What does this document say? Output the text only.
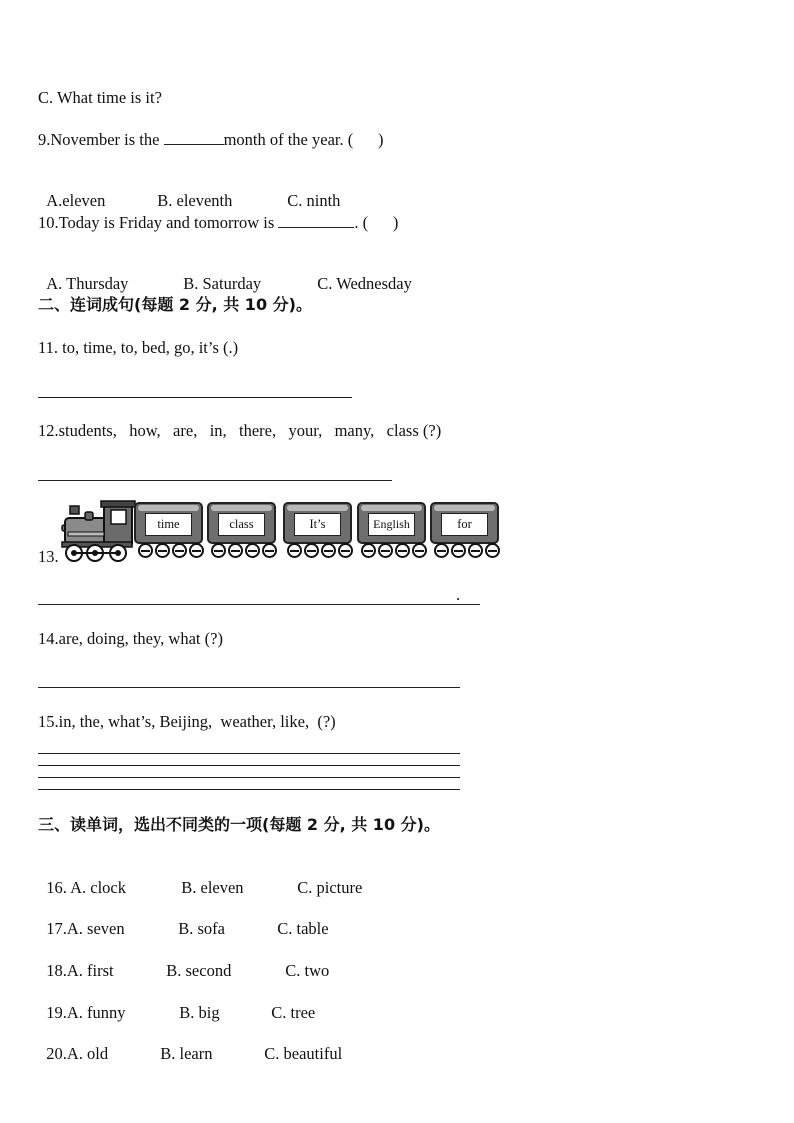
C. What time is it?
9.November is the	month of the year. (      )

A.eleven	B. eleventh	C. ninth

10.Today is Friday and tomorrow is	. (      )

A. Thursday	B. Saturday	C. Wednesday

二、连词成句(每题 2 分, 共 10 分)。
11. to, time, to, bed, go, it’s (.)
12.students,   how,   are,   in,   there,   your,   many,   class (?)
13.
time	class	It’s	English	for
.
14.are, doing, they, what (?)
15.in, the, what’s, Beijing,  weather, like,  (?)
三、读单词，选出不同类的一项(每题 2 分, 共 10 分)。

16. A. clock	B. eleven	C. picture

17.A. seven	B. sofa	C. table

18.A. first	B. second	C. two

19.A. funny	B. big	C. tree

20.A. old	B. learn	C. beautiful
